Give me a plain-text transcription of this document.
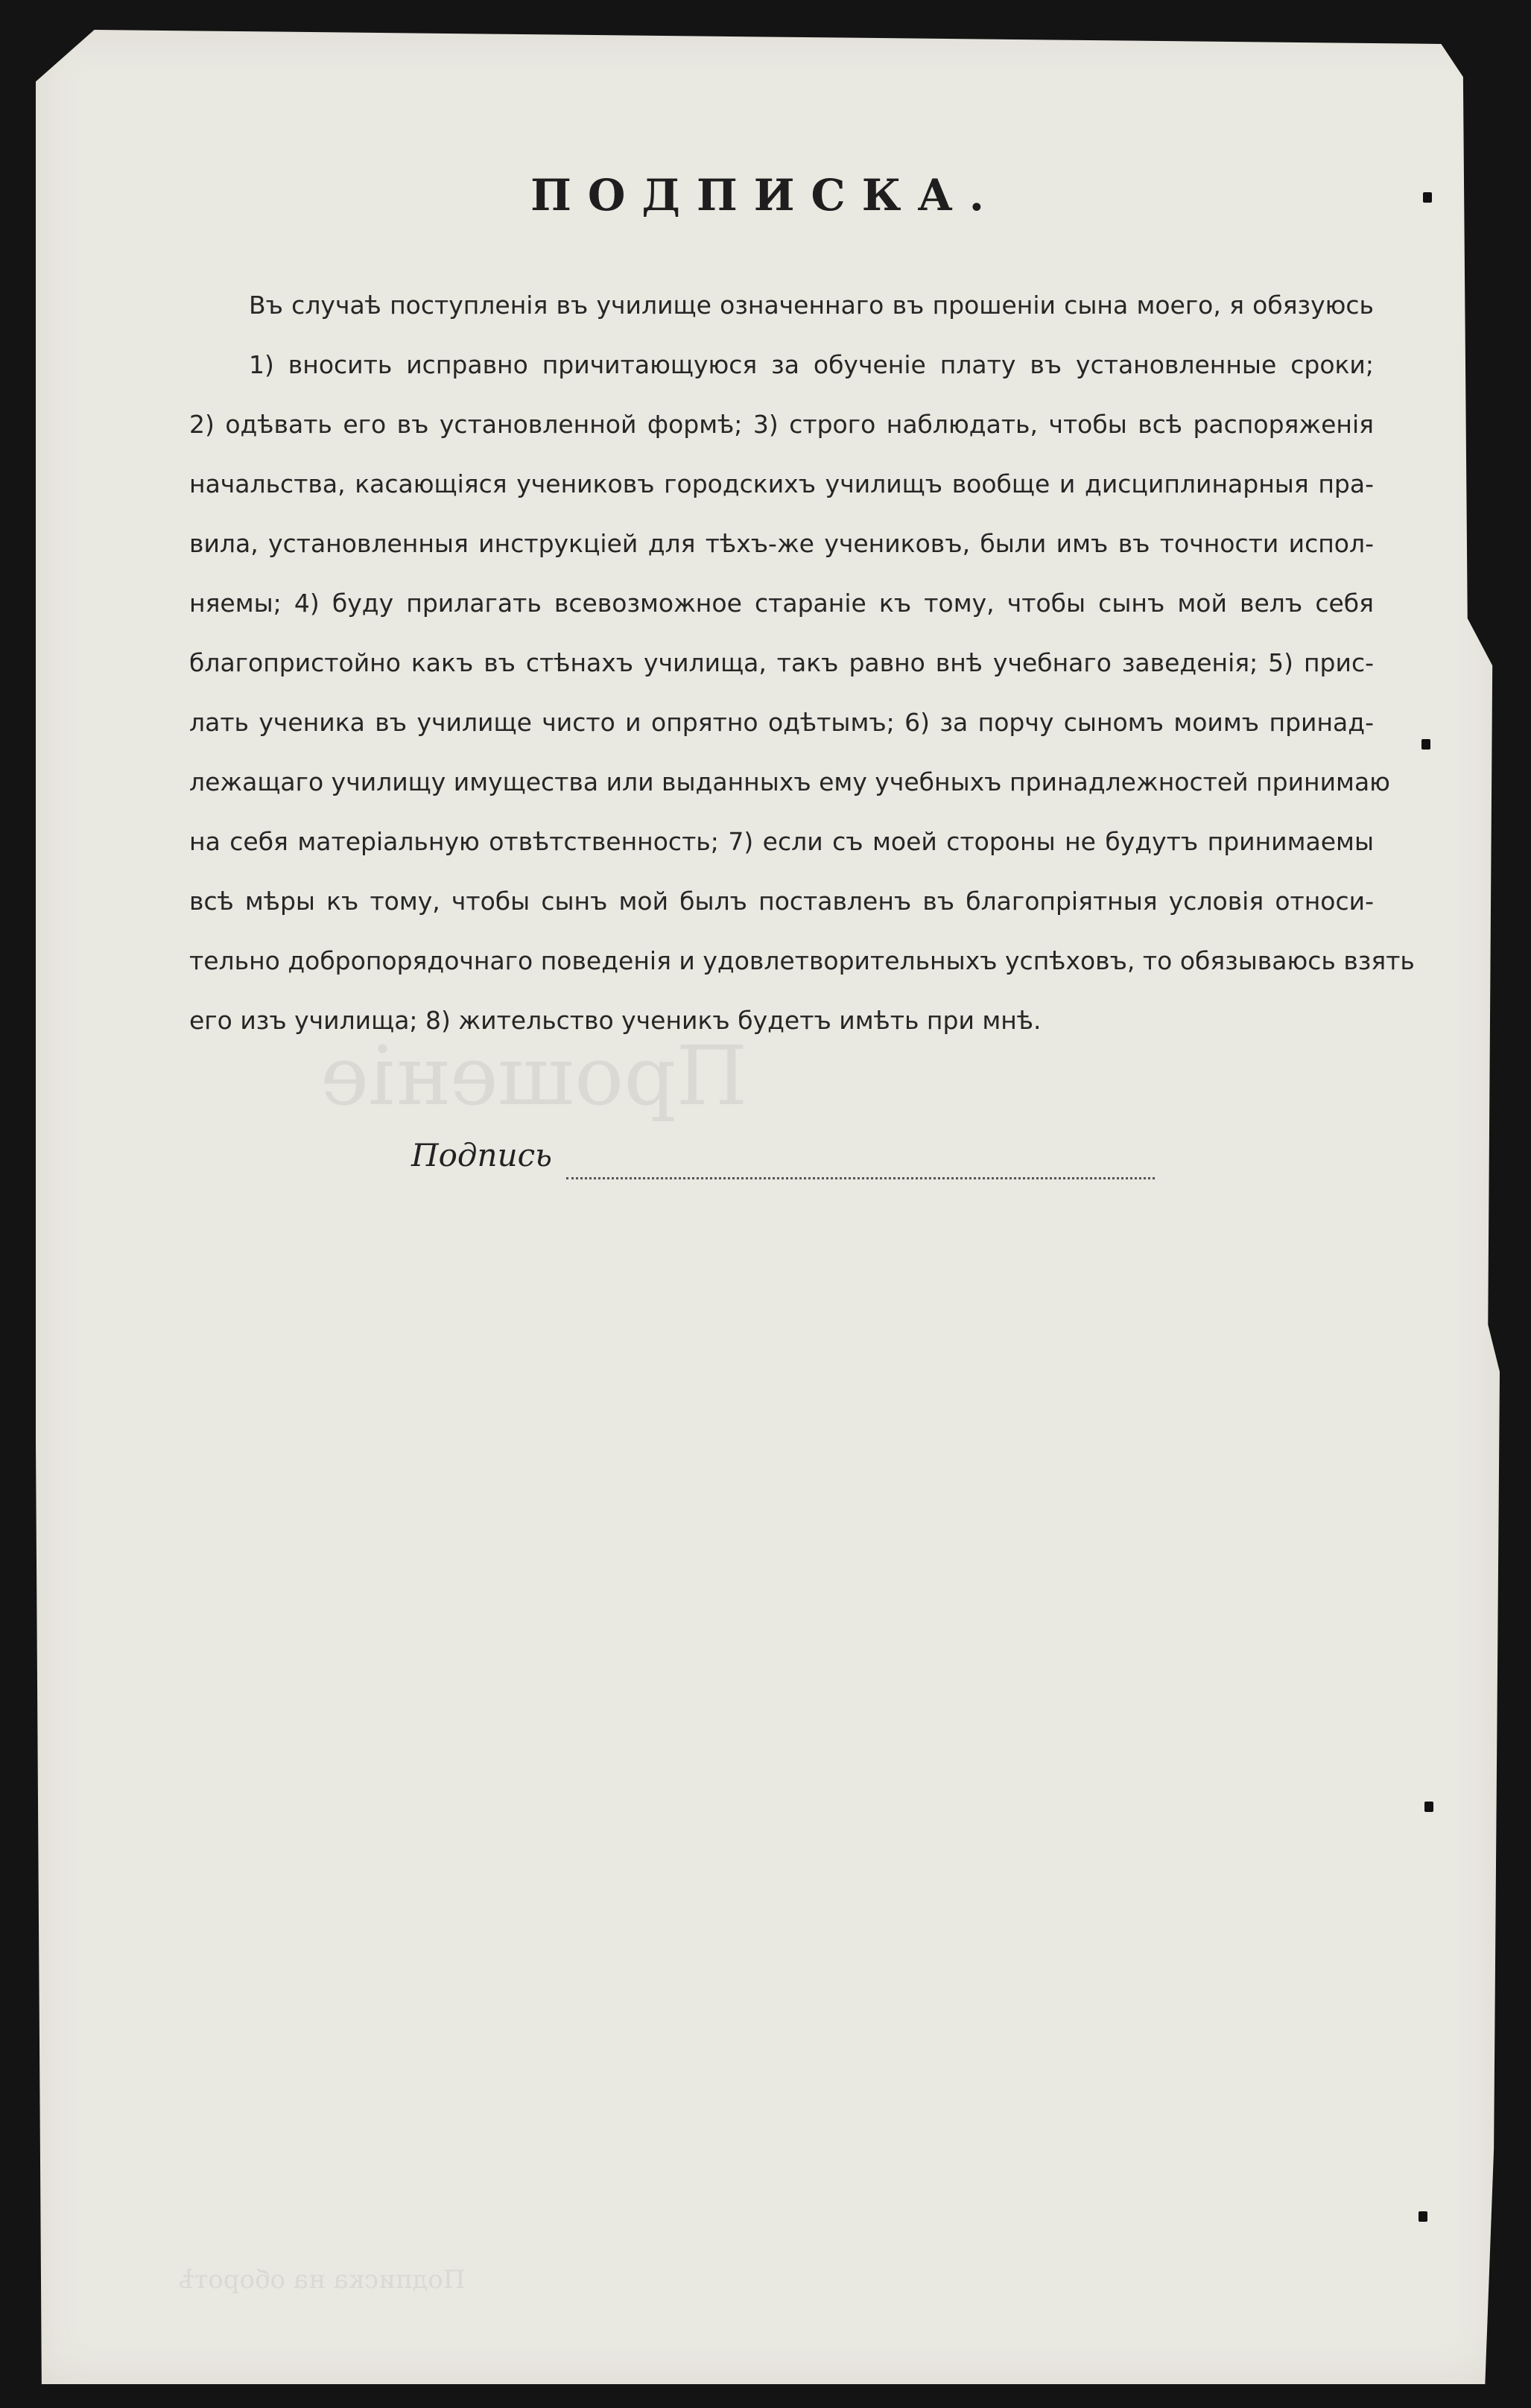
Прошеніе
Подписка на оборотѣ
ПОДПИСКА.
Въ случаѣ поступленія въ училище означеннаго въ прошеніи сына моего, я обязуюсь
1) вносить исправно причитающуюся за обученіе плату въ установленные сроки;
2) одѣвать его въ установленной формѣ; 3) строго наблюдать, чтобы всѣ распоряженія
начальства, касающіяся учениковъ городскихъ училищъ вообще и дисциплинарныя пра-
вила, установленныя инструкціей для тѣхъ-же учениковъ, были имъ въ точности испол-
няемы; 4) буду прилагать всевозможное стараніе къ тому, чтобы сынъ мой велъ себя
благопристойно какъ въ стѣнахъ училища, такъ равно внѣ учебнаго заведенія; 5) прис-
лать ученика въ училище чисто и опрятно одѣтымъ; 6) за порчу сыномъ моимъ принад-
лежащаго училищу имущества или выданныхъ ему учебныхъ принадлежностей принимаю
на себя матеріальную отвѣтственность; 7) если съ моей стороны не будутъ принимаемы
всѣ мѣры къ тому, чтобы сынъ мой былъ поставленъ въ благопріятныя условія относи-
тельно добропорядочнаго поведенія и удовлетворительныхъ успѣховъ, то обязываюсь взять
его изъ училища; 8) жительство ученикъ будетъ имѣть при мнѣ.
Подпись
